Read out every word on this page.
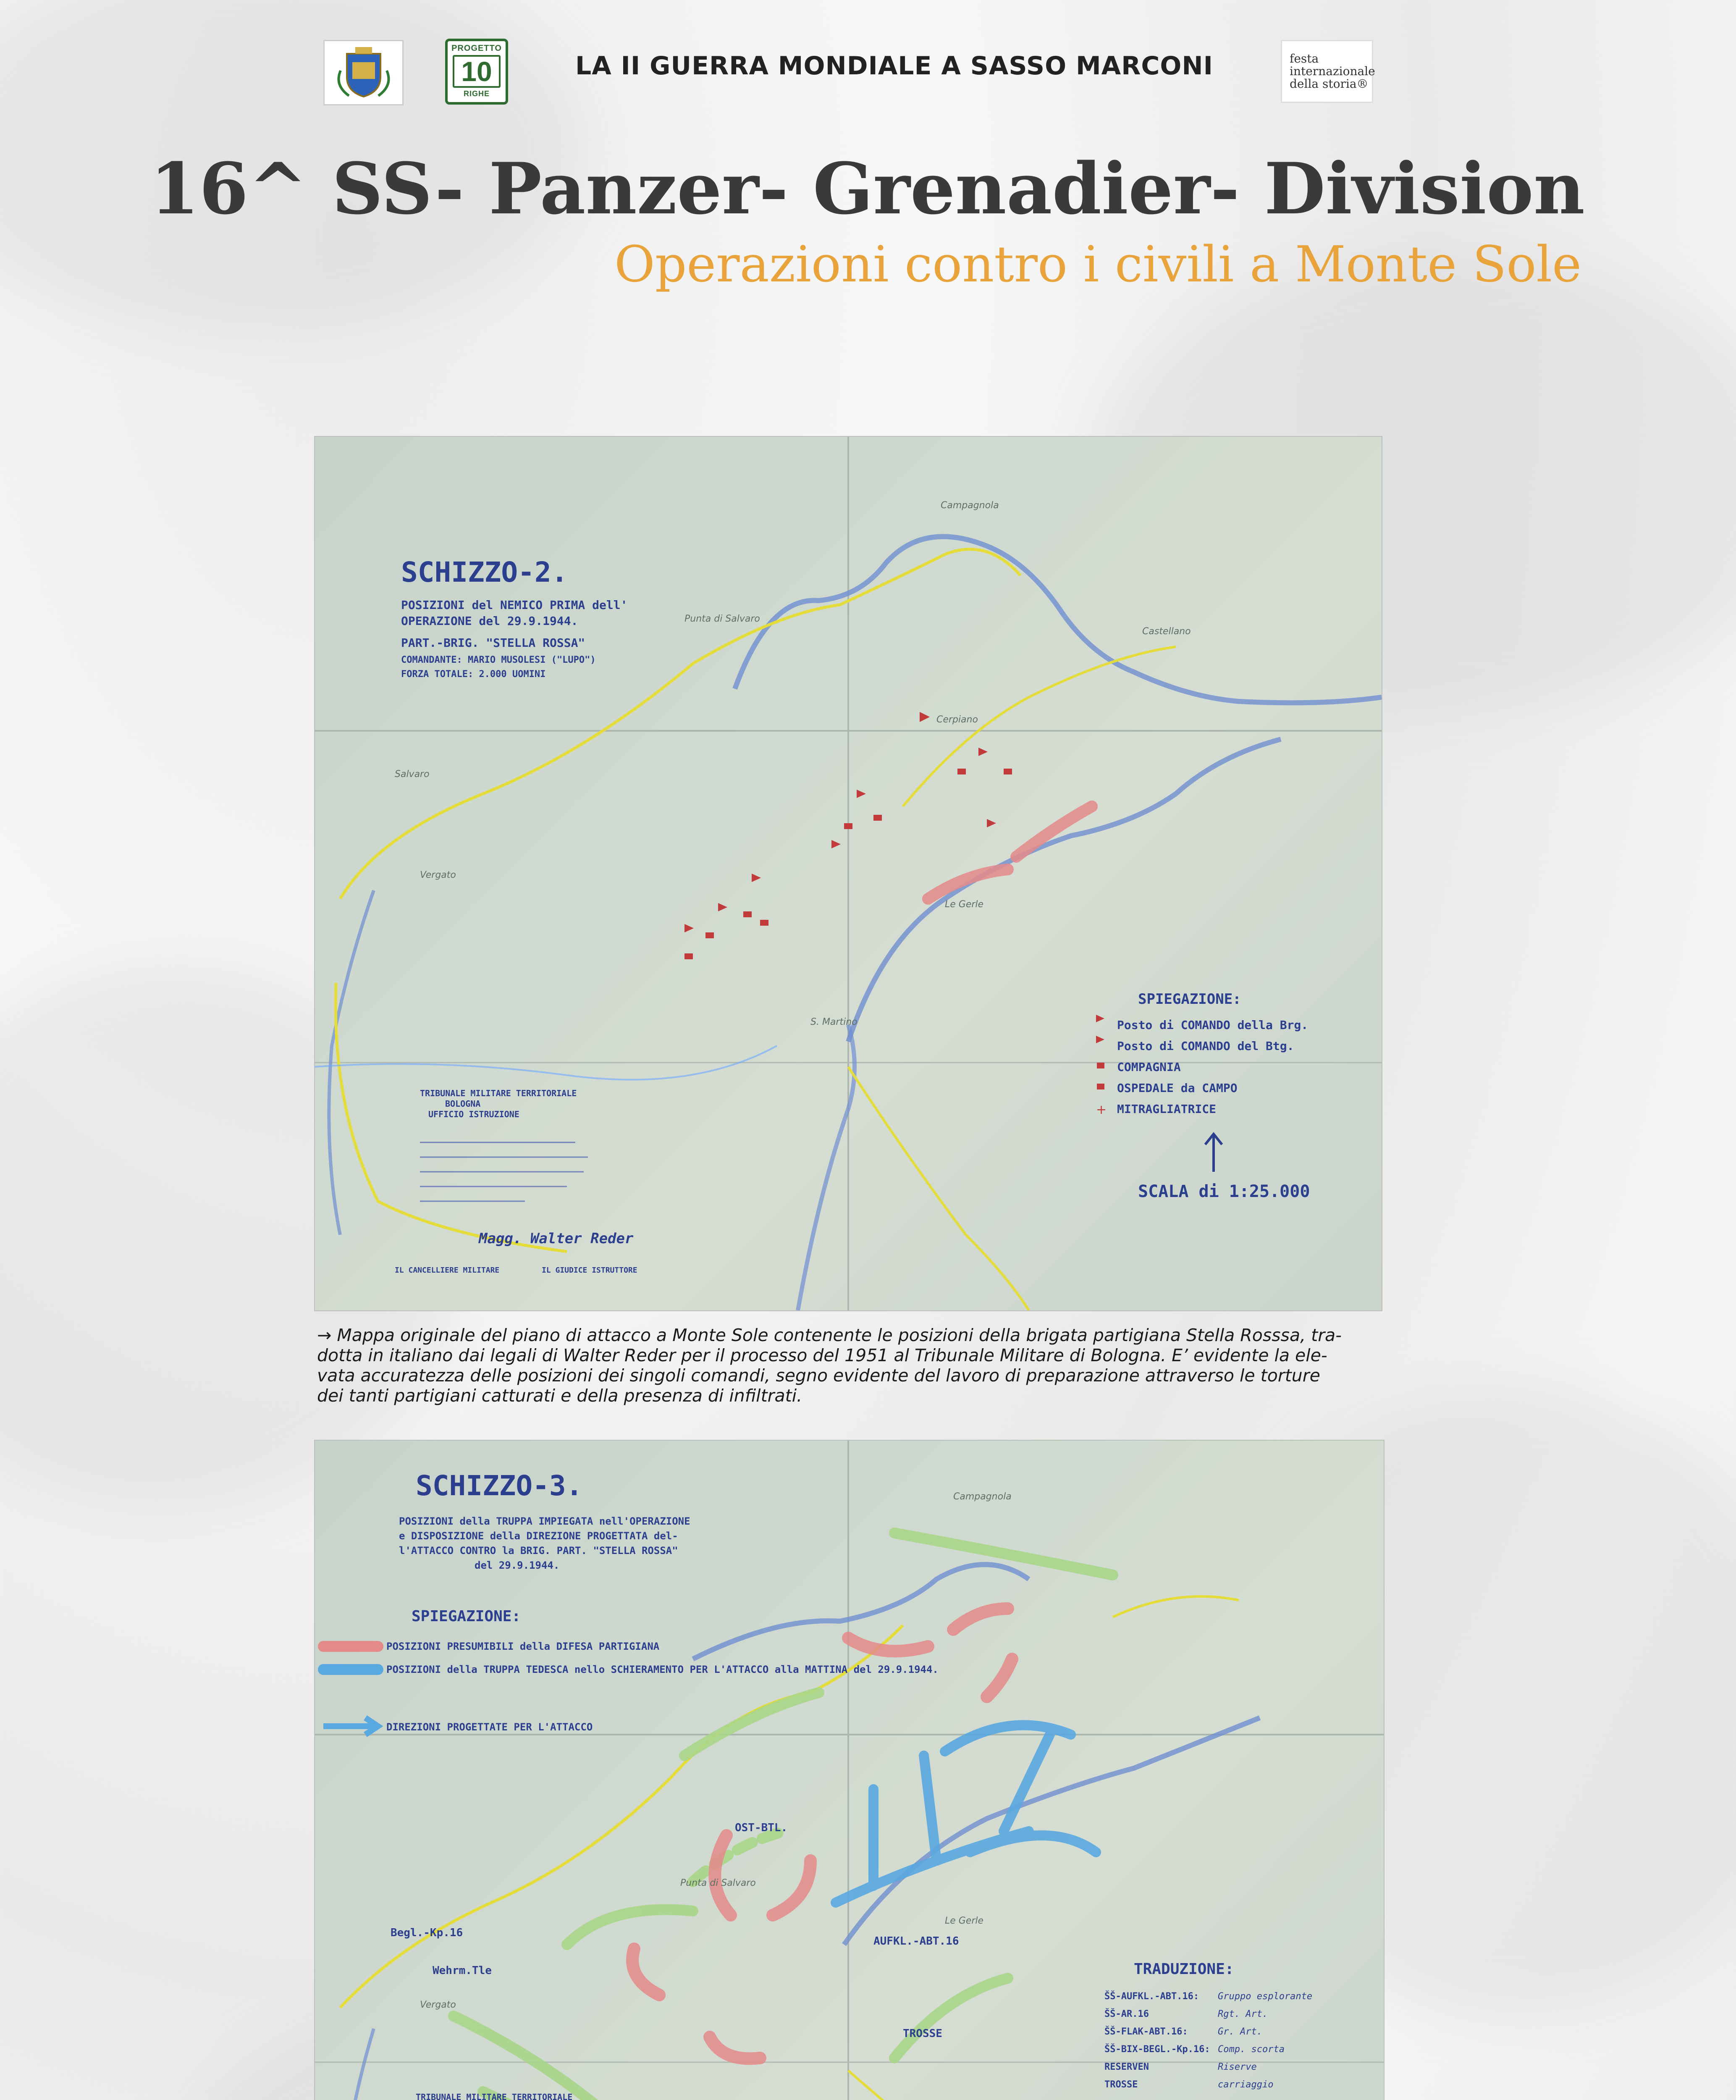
PROGETTO
10
RIGHE
festa
internazionale
della storia®
LA II GUERRA MONDIALE A SASSO MARCONI
16^ SS- Panzer- Grenadier- Division
Operazioni contro i civili a Monte Sole
Campagnola
Castellano
Punta di Salvaro
Vergato
Salvaro
Le Gerle
S. Martino
Cerpiano
SCHIZZO-2.
POSIZIONI del NEMICO PRIMA dell'
OPERAZIONE del 29.9.1944.
PART.-BRIG. "STELLA ROSSA"
COMANDANTE: MARIO MUSOLESI ("LUPO")
FORZA TOTALE: 2.000 UOMINI
SPIEGAZIONE:
Posto di COMANDO della Brg.
Posto di COMANDO del Btg.
COMPAGNIA
OSPEDALE da CAMPO
MITRAGLIATRICE
+
SCALA di 1:25.000
TRIBUNALE MILITARE TERRITORIALE
BOLOGNA
UFFICIO ISTRUZIONE
Magg. Walter Reder
IL CANCELLIERE MILITARE	IL GIUDICE ISTRUTTORE
→ Mappa originale del piano di attacco a Monte Sole contenente le posizioni della brigata partigiana Stella Rosssa, tra-
dotta in italiano dai legali di Walter Reder per il processo del 1951 al Tribunale Militare di Bologna. E’ evidente la ele-
vata accuratezza delle posizioni dei singoli comandi, segno evidente del lavoro di preparazione attraverso le torture
dei tanti partigiani catturati e della presenza di infiltrati.
Campagnola
Vergato
Punta di Salvaro
Le Gerle
SCHIZZO-3.
POSIZIONI della TRUPPA IMPIEGATA nell'OPERAZIONE
e DISPOSIZIONE della DIREZIONE PROGETTATA del-
l'ATTACCO CONTRO la BRIG. PART. "STELLA ROSSA"
del 29.9.1944.
SPIEGAZIONE:
POSIZIONI PRESUMIBILI della DIFESA PARTIGIANA
POSIZIONI della TRUPPA TEDESCA nello SCHIERAMENTO PER L'ATTACCO alla MATTINA del 29.9.1944.
DIREZIONI PROGETTATE PER L'ATTACCO
OST-BTL.
AUFKL.-ABT.16
Begl.-Kp.16
Wehrm.Tle
TROSSE
TRADUZIONE:
ŠŠ-AUFKL.-ABT.16: Gruppo esplorante
ŠŠ-AR.16	Rgt. Art.
ŠŠ-FLAK-ABT.16:	Gr. Art.
ŠŠ-BIX-BEGL.-Kp.16: Comp. scorta
RESERVEN	Riserve
TROSSE	carriaggio
TRIBUNALE MILITARE TERRITORIALE
